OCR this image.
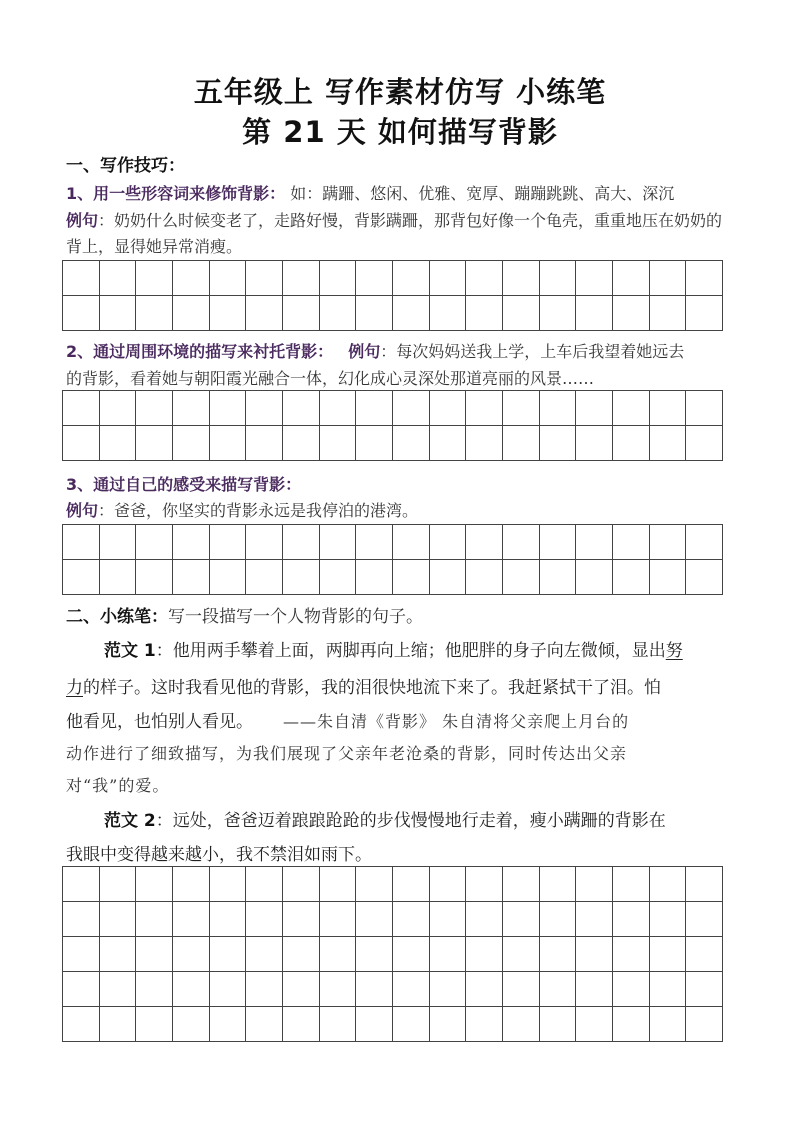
五年级上 写作素材仿写 小练笔
第 21 天 如何描写背影
一、写作技巧：
1、用一些形容词来修饰背影： 如：蹒跚、悠闲、优雅、宽厚、蹦蹦跳跳、高大、深沉
例句：奶奶什么时候变老了，走路好慢，背影蹒跚，那背包好像一个龟壳，重重地压在奶奶的
背上，显得她异常消瘦。
2、通过周围环境的描写来衬托背影： 例句：每次妈妈送我上学，上车后我望着她远去
的背影，看着她与朝阳霞光融合一体，幻化成心灵深处那道亮丽的风景……
3、通过自己的感受来描写背影：
例句：爸爸，你坚实的背影永远是我停泊的港湾。
二、小练笔：写一段描写一个人物背影的句子。
范文 1：他用两手攀着上面，两脚再向上缩；他肥胖的身子向左微倾，显出努
力的样子。这时我看见他的背影，我的泪很快地流下来了。我赶紧拭干了泪。怕
他看见，也怕别人看见。 ——朱自清《背影》 朱自清将父亲爬上月台的
动作进行了细致描写，为我们展现了父亲年老沧桑的背影，同时传达出父亲
对“我”的爱。
范文 2：远处，爸爸迈着踉踉跄跄的步伐慢慢地行走着，瘦小蹒跚的背影在
我眼中变得越来越小，我不禁泪如雨下。
